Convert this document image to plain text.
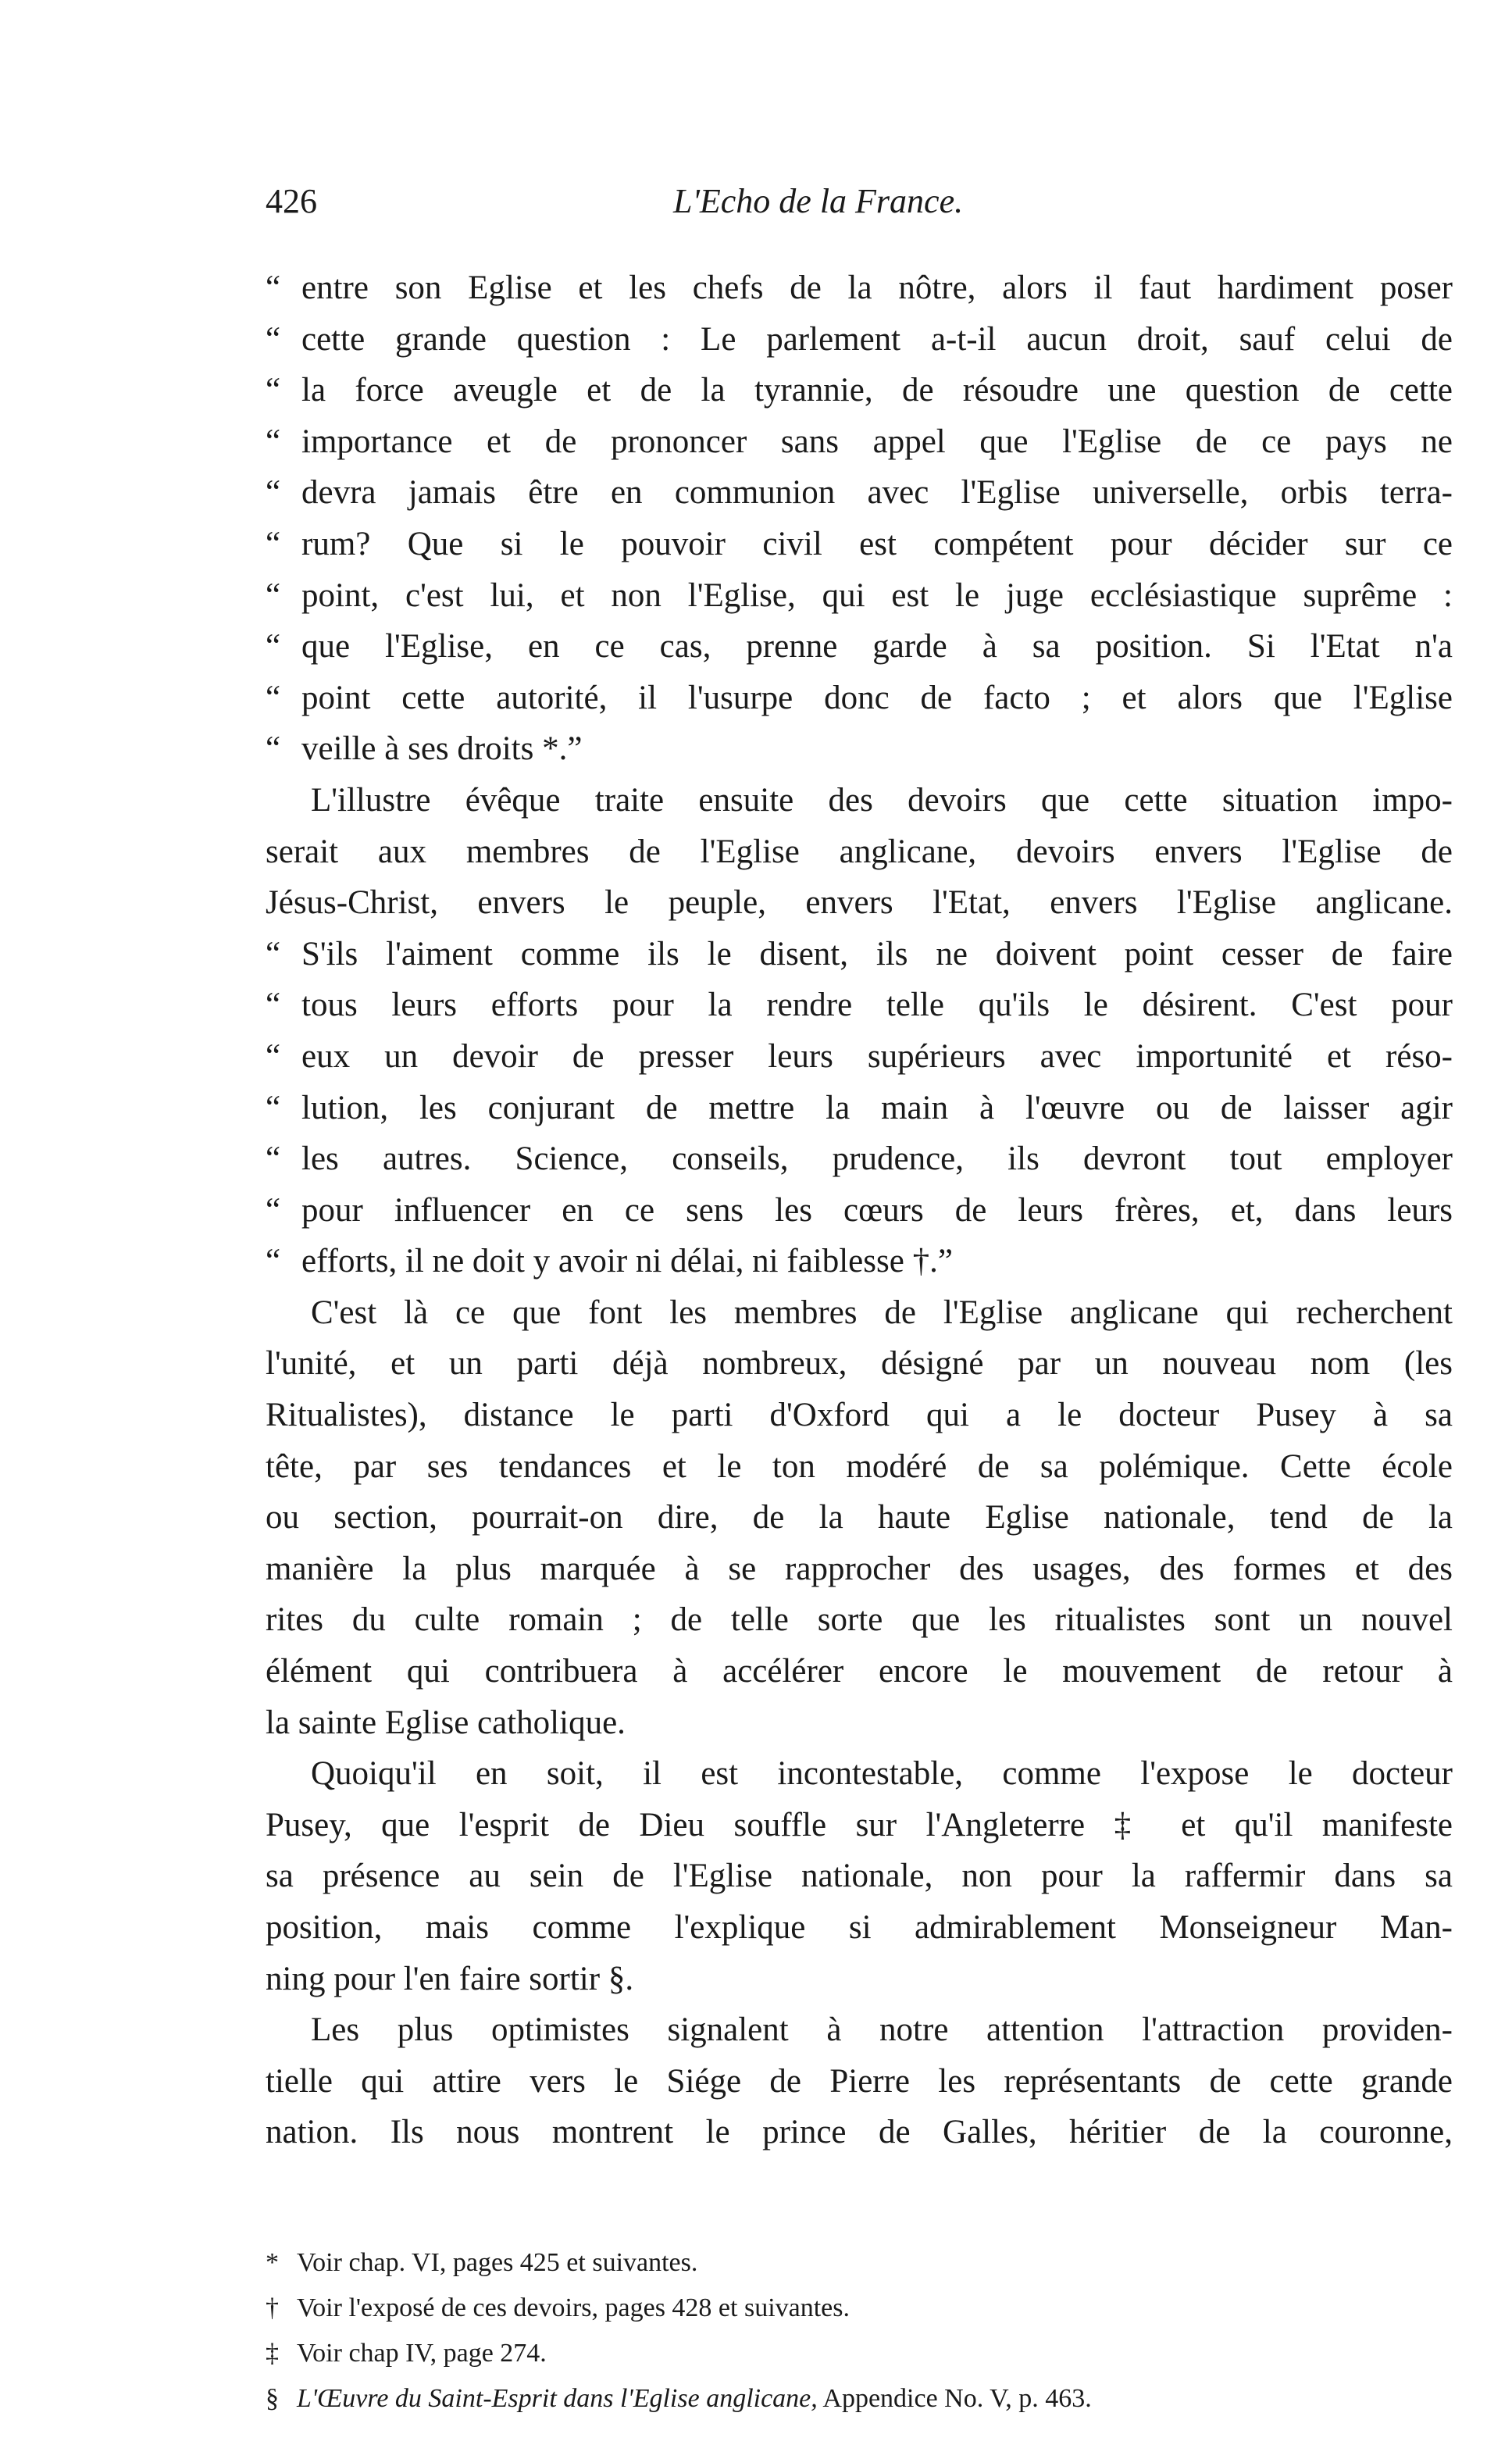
426	L'Echo de la France.
“ entre son Eglise et les chefs de la nôtre, alors il faut hardiment poser
“ cette grande question : Le parlement a-t-il aucun droit, sauf celui de
“ la force aveugle et de la tyrannie, de résoudre une question de cette
“ importance et de prononcer sans appel que l'Eglise de ce pays ne
“ devra jamais être en communion avec l'Eglise universelle, orbis terra-
“ rum? Que si le pouvoir civil est compétent pour décider sur ce
“ point, c'est lui, et non l'Eglise, qui est le juge ecclésiastique suprême :
“ que l'Eglise, en ce cas, prenne garde à sa position. Si l'Etat n'a
“ point cette autorité, il l'usurpe donc de facto ; et alors que l'Eglise
“ veille à ses droits *.”
L'illustre évêque traite ensuite des devoirs que cette situation impo-
serait aux membres de l'Eglise anglicane, devoirs envers l'Eglise de
Jésus-Christ, envers le peuple, envers l'Etat, envers l'Eglise anglicane.
“ S'ils l'aiment comme ils le disent, ils ne doivent point cesser de faire
“ tous leurs efforts pour la rendre telle qu'ils le désirent. C'est pour
“ eux un devoir de presser leurs supérieurs avec importunité et réso-
“ lution, les conjurant de mettre la main à l'œuvre ou de laisser agir
“ les autres. Science, conseils, prudence, ils devront tout employer
“ pour influencer en ce sens les cœurs de leurs frères, et, dans leurs
“ efforts, il ne doit y avoir ni délai, ni faiblesse †.”
C'est là ce que font les membres de l'Eglise anglicane qui recherchent
l'unité, et un parti déjà nombreux, désigné par un nouveau nom (les
Ritualistes), distance le parti d'Oxford qui a le docteur Pusey à sa
tête, par ses tendances et le ton modéré de sa polémique. Cette école
ou section, pourrait-on dire, de la haute Eglise nationale, tend de la
manière la plus marquée à se rapprocher des usages, des formes et des
rites du culte romain ; de telle sorte que les ritualistes sont un nouvel
élément qui contribuera à accélérer encore le mouvement de retour à
la sainte Eglise catholique.
Quoiqu'il en soit, il est incontestable, comme l'expose le docteur
Pusey, que l'esprit de Dieu souffle sur l'Angleterre ‡ et qu'il manifeste
sa présence au sein de l'Eglise nationale, non pour la raffermir dans sa
position, mais comme l'explique si admirablement Monseigneur Man-
ning pour l'en faire sortir §.
Les plus optimistes signalent à notre attention l'attraction providen-
tielle qui attire vers le Siége de Pierre les représentants de cette grande
nation. Ils nous montrent le prince de Galles, héritier de la couronne,
* Voir chap. VI, pages 425 et suivantes.
† Voir l'exposé de ces devoirs, pages 428 et suivantes.
‡ Voir chap IV, page 274.
§ L'Œuvre du Saint-Esprit dans l'Eglise anglicane, Appendice No. V, p. 463.
